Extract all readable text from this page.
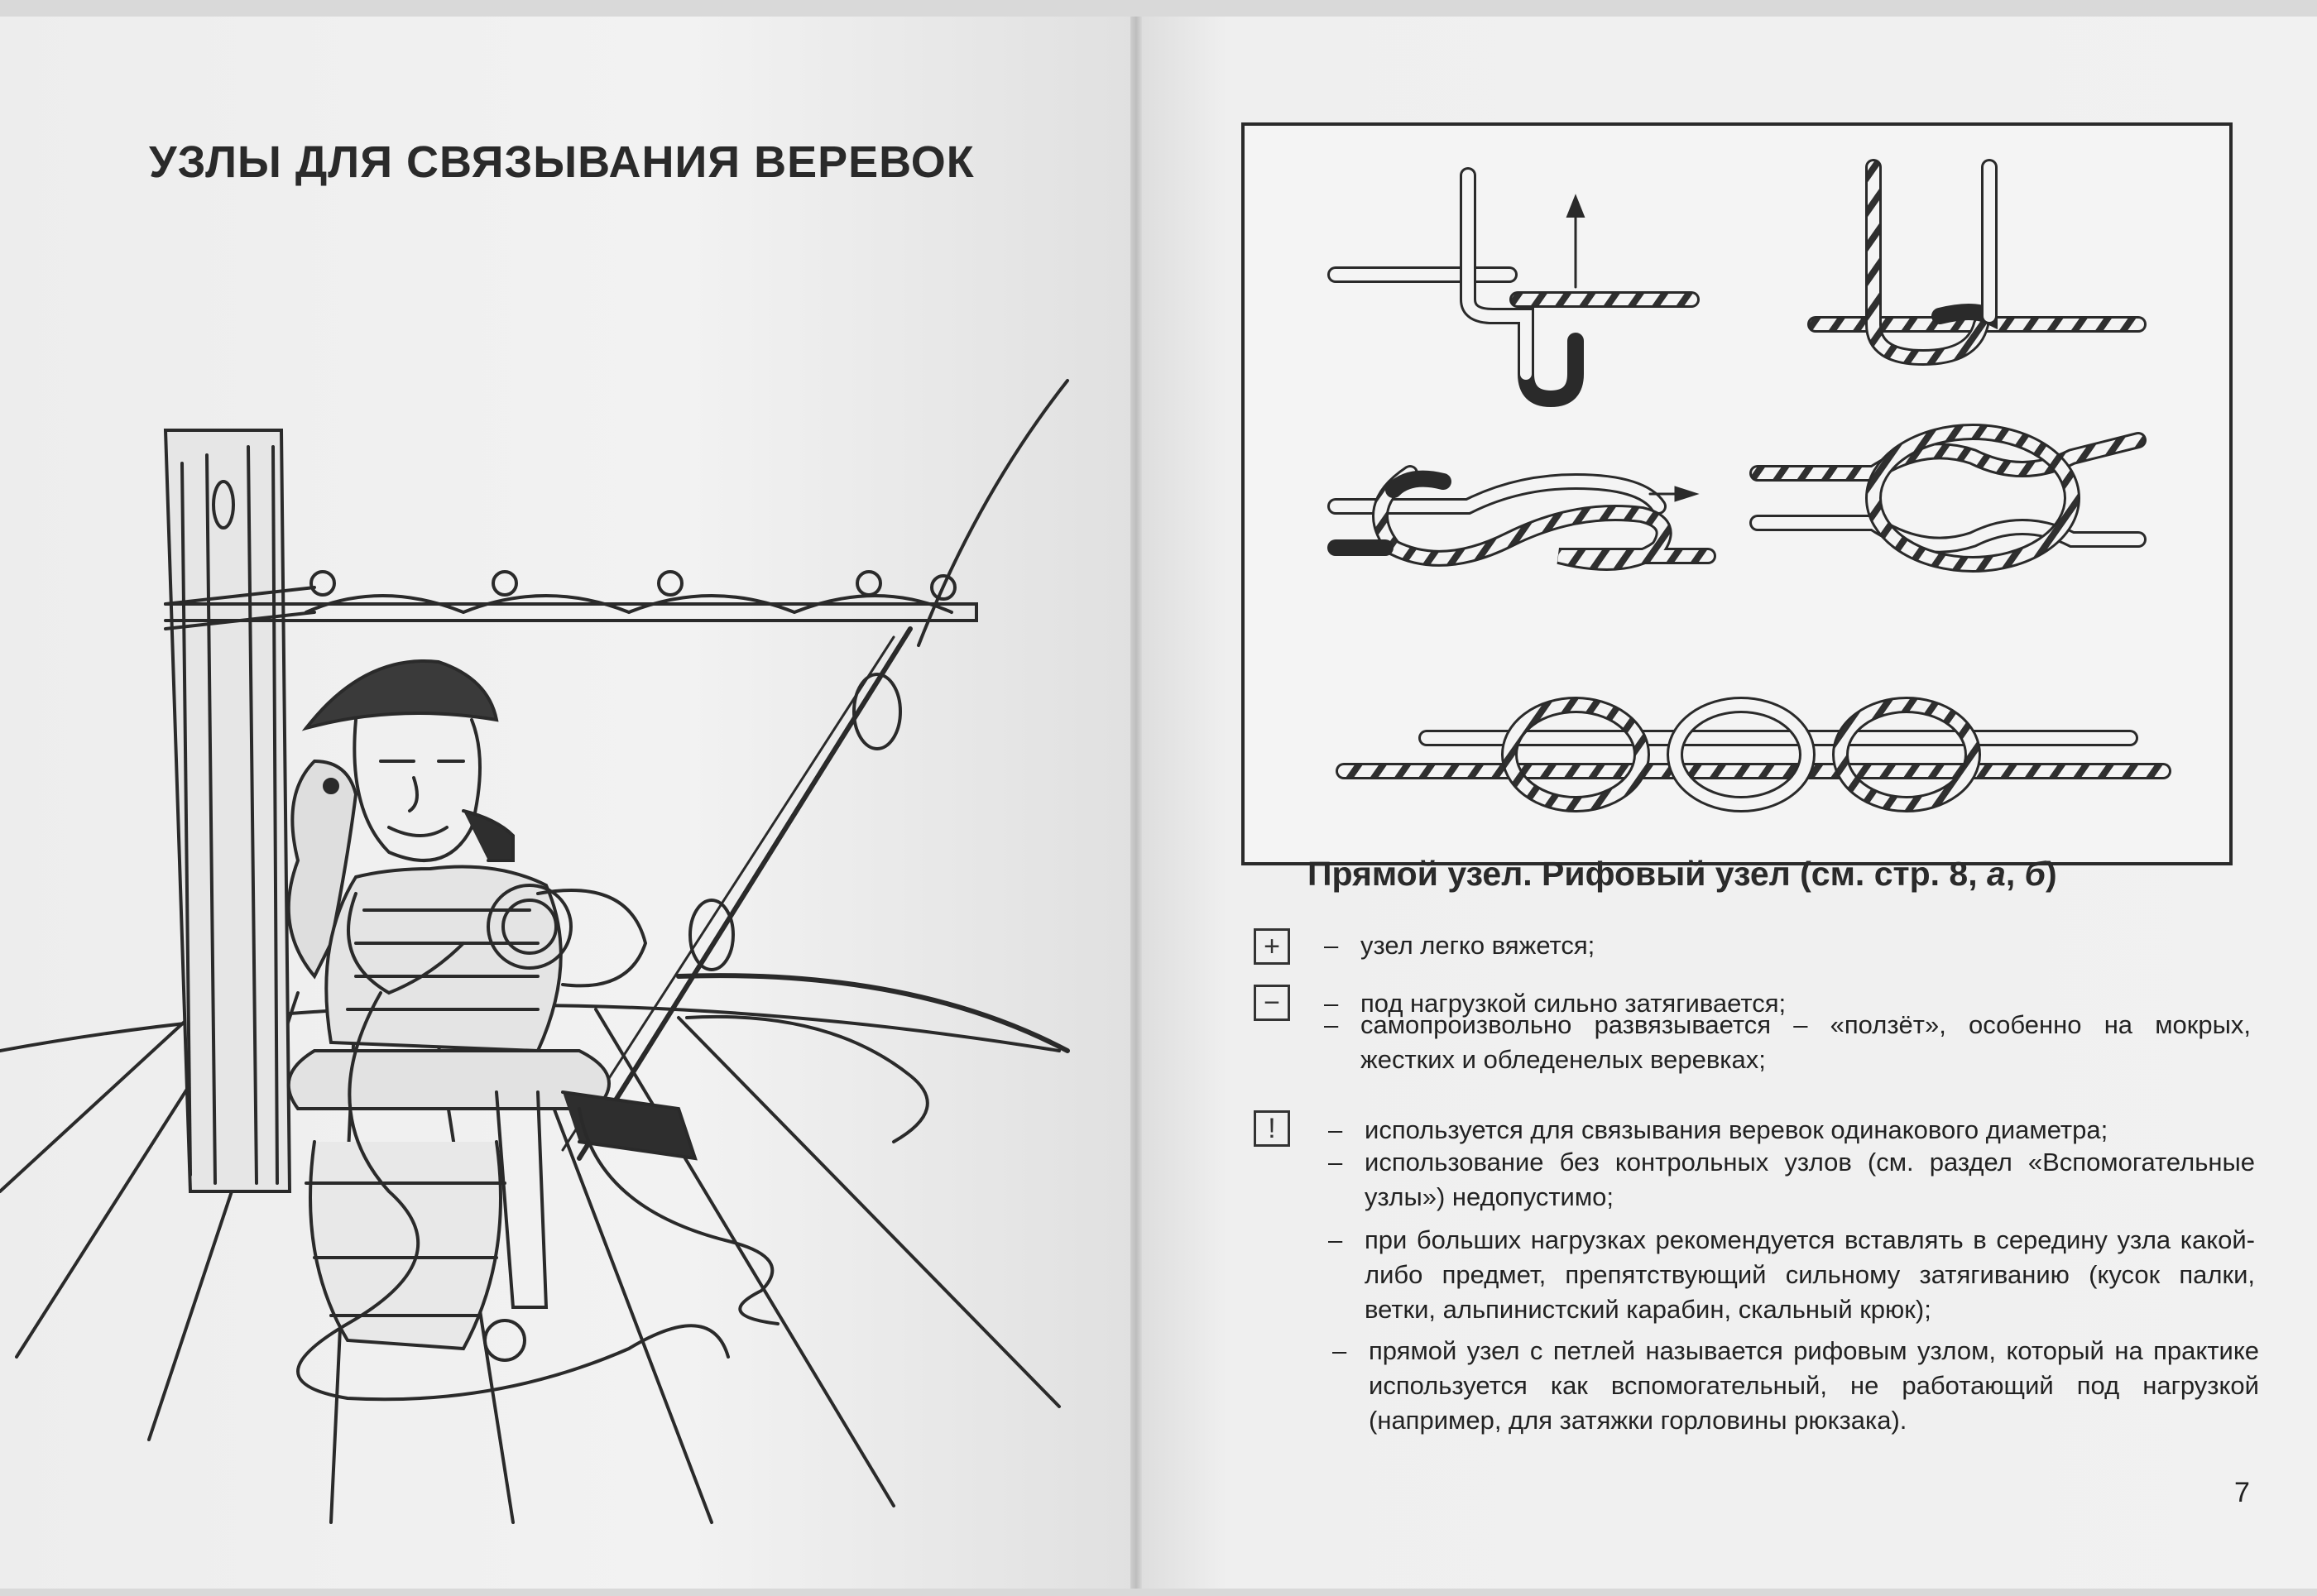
УЗЛЫ ДЛЯ СВЯЗЫВАНИЯ ВЕРЕВОК
Прямой узел. Рифовый узел (см. стр. 8, а, б)
+
−
!
– узел легко вяжется;
– под нагрузкой сильно затягивается;
– самопроизвольно развязывается – «ползёт», особенно на мокрых, жестких и обледенелых веревках;
– используется для связывания веревок одинакового диаметра;
– использование без контрольных узлов (см. раздел «Вспомогательные узлы») недопустимо;
– при больших нагрузках рекомендуется вставлять в середину узла какой-либо предмет, препятствующий сильному затягиванию (кусок палки, ветки, альпинистский карабин, скальный крюк);
– прямой узел с петлей называется рифовым узлом, который на практике используется как вспомогательный, не работающий под нагрузкой (например, для затяжки горловины рюкзака).
7
